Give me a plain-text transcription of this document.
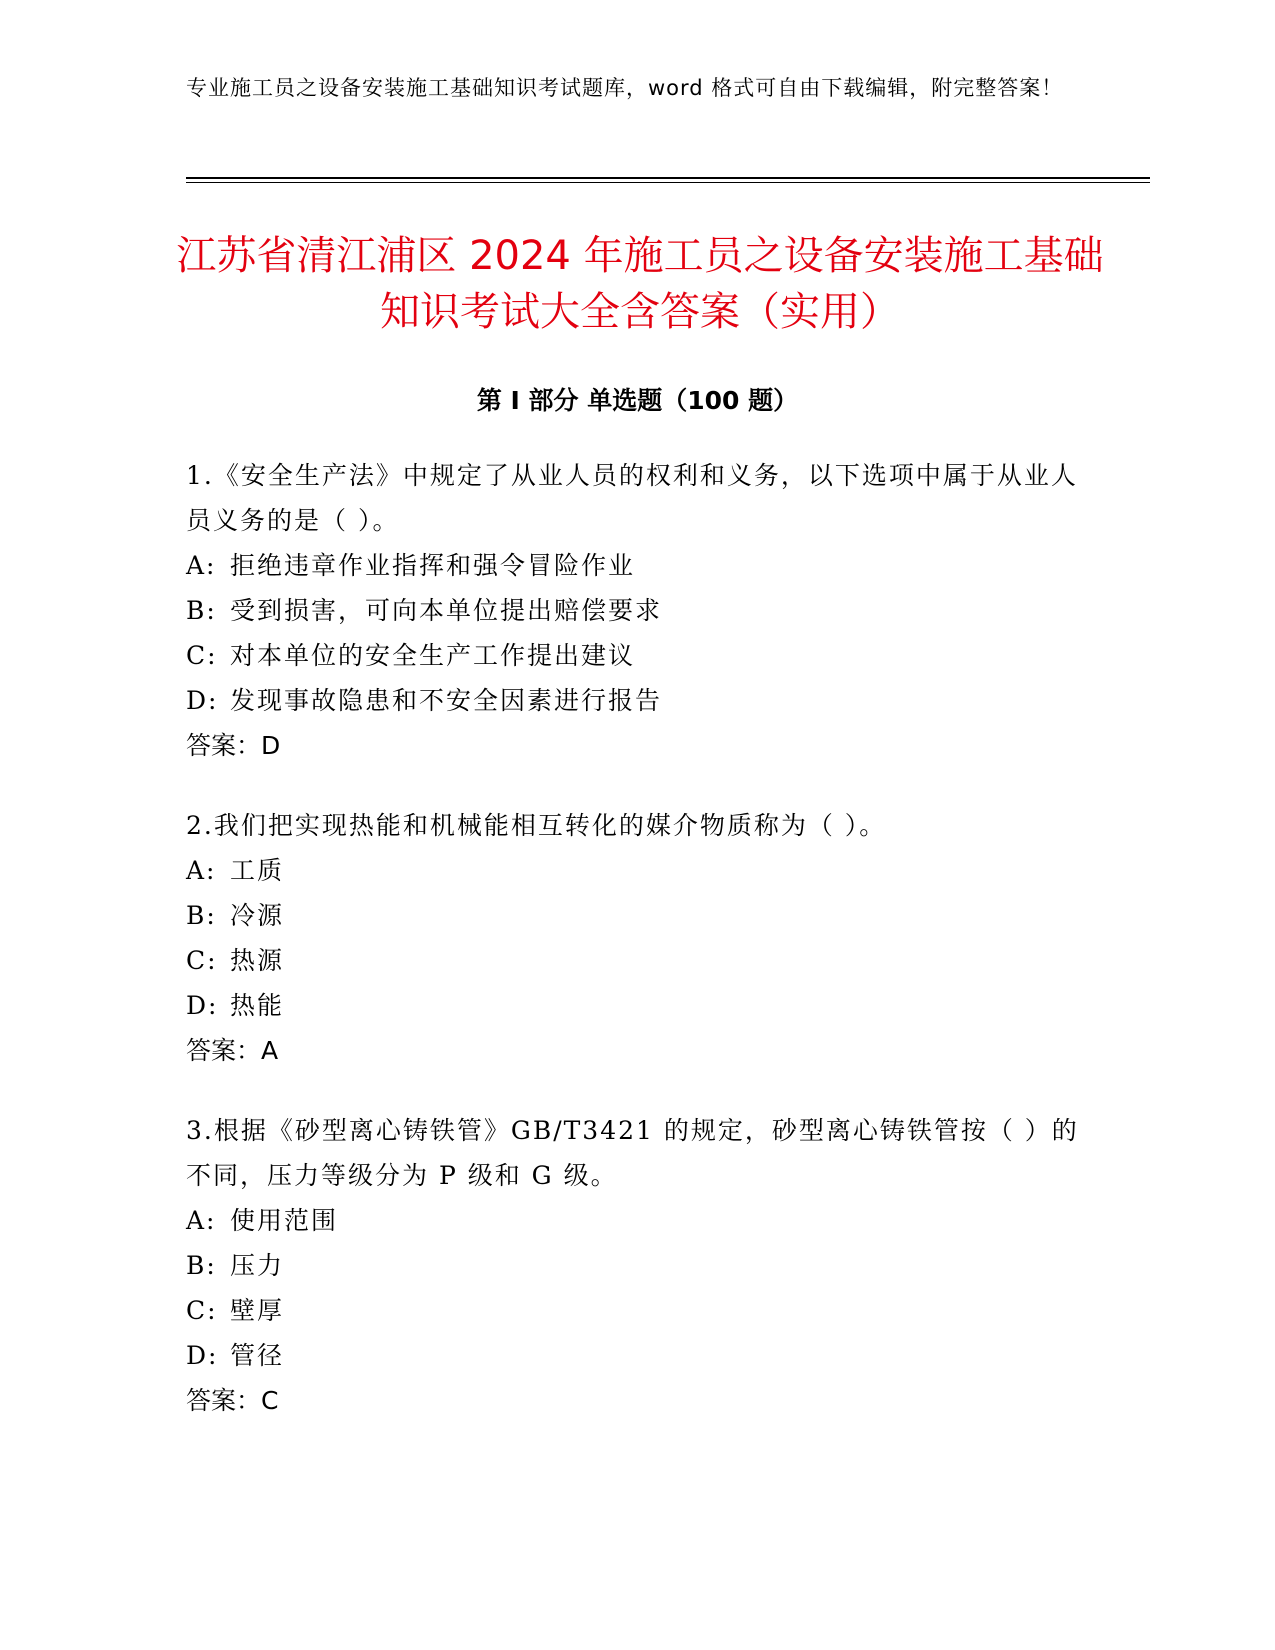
专业施工员之设备安装施工基础知识考试题库，word 格式可自由下载编辑，附完整答案！

江苏省清江浦区 2024 年施工员之设备安装施工基础知识考试大全含答案（实用）
第 I 部分 单选题（100 题）

1.《安全生产法》中规定了从业人员的权利和义务，以下选项中属于从业人员义务的是（ ）。

A: 拒绝违章作业指挥和强令冒险作业

B: 受到损害，可向本单位提出赔偿要求

C: 对本单位的安全生产工作提出建议

D: 发现事故隐患和不安全因素进行报告

答案：D

2.我们把实现热能和机械能相互转化的媒介物质称为（ ）。

A: 工质

B: 冷源

C: 热源

D: 热能

答案：A

3.根据《砂型离心铸铁管》GB/T3421 的规定，砂型离心铸铁管按（ ）的不同，压力等级分为 P 级和 G 级。

A: 使用范围

B: 压力

C: 壁厚

D: 管径

答案：C
